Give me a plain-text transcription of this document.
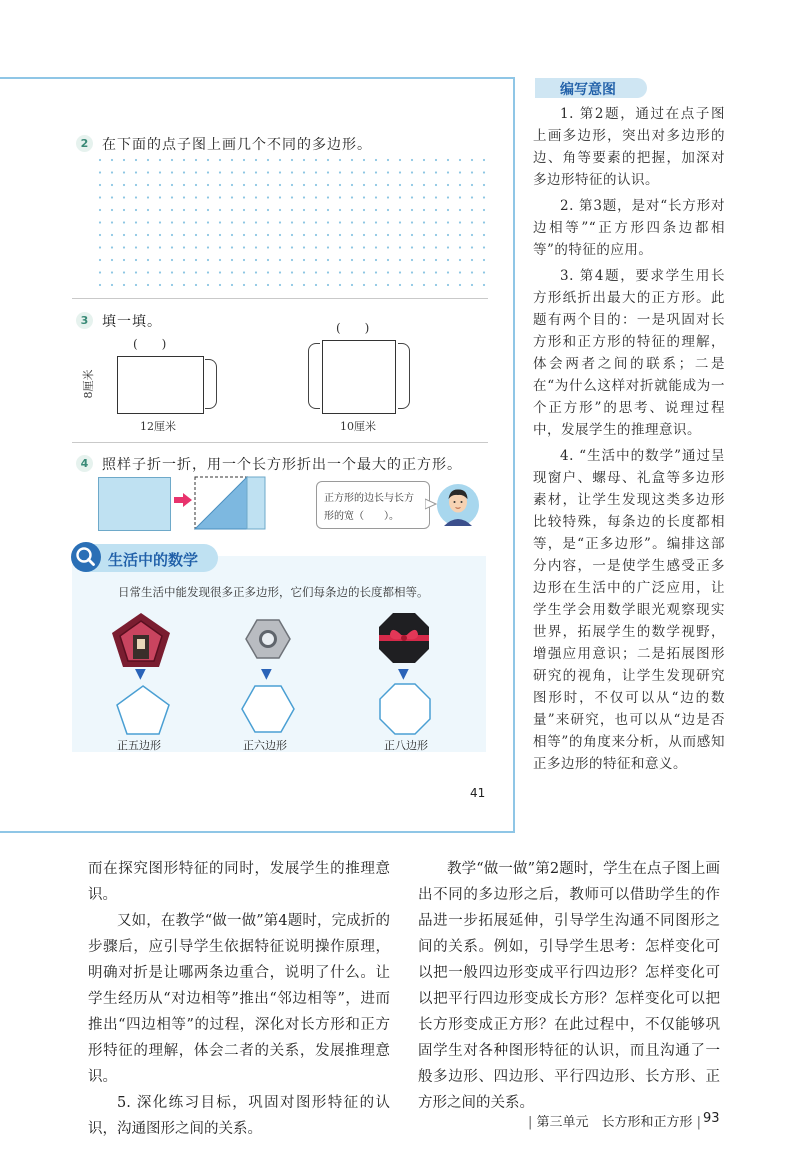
2 在下面的点子图上画几个不同的多边形。
3 填一填。
(　　)
8厘米
12厘米
(　　)
10厘米
4 照样子折一折，用一个长方形折出一个最大的正方形。
正方形的边长与长方
形的宽（　　）。
生活中的数学
日常生活中能发现很多正多边形，它们每条边的长度都相等。
▼	▼	▼
正五边形	正六边形	正八边形
41
编写意图

1. 第2题，通过在点子图上画多边形，突出对多边形的边、角等要素的把握，加深对多边形特征的认识。

2. 第3题，是对“长方形对边相等”“正方形四条边都相等”的特征的应用。

3. 第4题，要求学生用长方形纸折出最大的正方形。此题有两个目的：一是巩固对长方形和正方形的特征的理解，体会两者之间的联系；二是在“为什么这样对折就能成为一个正方形”的思考、说理过程中，发展学生的推理意识。

4. “生活中的数学”通过呈现窗户、螺母、礼盒等多边形素材，让学生发现这类多边形比较特殊，每条边的长度都相等，是“正多边形”。编排这部分内容，一是使学生感受正多边形在生活中的广泛应用，让学生学会用数学眼光观察现实世界，拓展学生的数学视野，增强应用意识；二是拓展图形研究的视角，让学生发现研究图形时，不仅可以从“边的数量”来研究，也可以从“边是否相等”的角度来分析，从而感知正多边形的特征和意义。

而在探究图形特征的同时，发展学生的推理意识。

又如，在教学“做一做”第4题时，完成折的步骤后，应引导学生依据特征说明操作原理，明确对折是让哪两条边重合，说明了什么。让学生经历从“对边相等”推出“邻边相等”，进而推出“四边相等”的过程，深化对长方形和正方形特征的理解，体会二者的关系，发展推理意识。

5. 深化练习目标，巩固对图形特征的认识，沟通图形之间的关系。

教学“做一做”第2题时，学生在点子图上画出不同的多边形之后，教师可以借助学生的作品进一步拓展延伸，引导学生沟通不同图形之间的关系。例如，引导学生思考：怎样变化可以把一般四边形变成平行四边形？怎样变化可以把平行四边形变成长方形？怎样变化可以把长方形变成正方形？在此过程中，不仅能够巩固学生对各种图形特征的认识，而且沟通了一般多边形、四边形、平行四边形、长方形、正方形之间的关系。

| 第三单元　长方形和正方形 | 93
